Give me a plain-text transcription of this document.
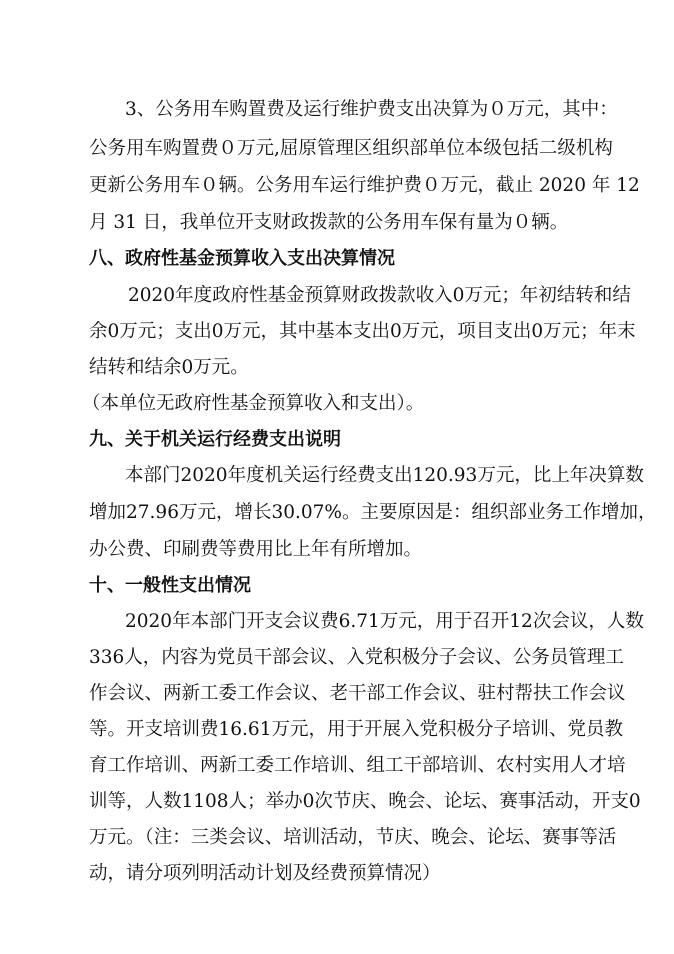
3、公务用车购置费及运行维护费支出决算为０万元，其中：
公务用车购置费０万元,屈原管理区组织部单位本级包括二级机构
更新公务用车０辆。公务用车运行维护费０万元，截止 2020 年 12
月 31 日，我单位开支财政拨款的公务用车保有量为０辆。
八、政府性基金预算收入支出决算情况
2020年度政府性基金预算财政拨款收入0万元；年初结转和结
余0万元；支出0万元，其中基本支出0万元，项目支出0万元；年末
结转和结余0万元。
（本单位无政府性基金预算收入和支出）。
九、关于机关运行经费支出说明
本部门2020年度机关运行经费支出120.93万元，比上年决算数
增加27.96万元，增长30.07%。主要原因是：组织部业务工作增加，
办公费、印刷费等费用比上年有所增加。
十、一般性支出情况
2020年本部门开支会议费6.71万元，用于召开12次会议，人数
336人，内容为党员干部会议、入党积极分子会议、公务员管理工
作会议、两新工委工作会议、老干部工作会议、驻村帮扶工作会议
等。开支培训费16.61万元，用于开展入党积极分子培训、党员教
育工作培训、两新工委工作培训、组工干部培训、农村实用人才培
训等，人数1108人；举办0次节庆、晚会、论坛、赛事活动，开支0
万元。（注：三类会议、培训活动，节庆、晚会、论坛、赛事等活
动，请分项列明活动计划及经费预算情况）
